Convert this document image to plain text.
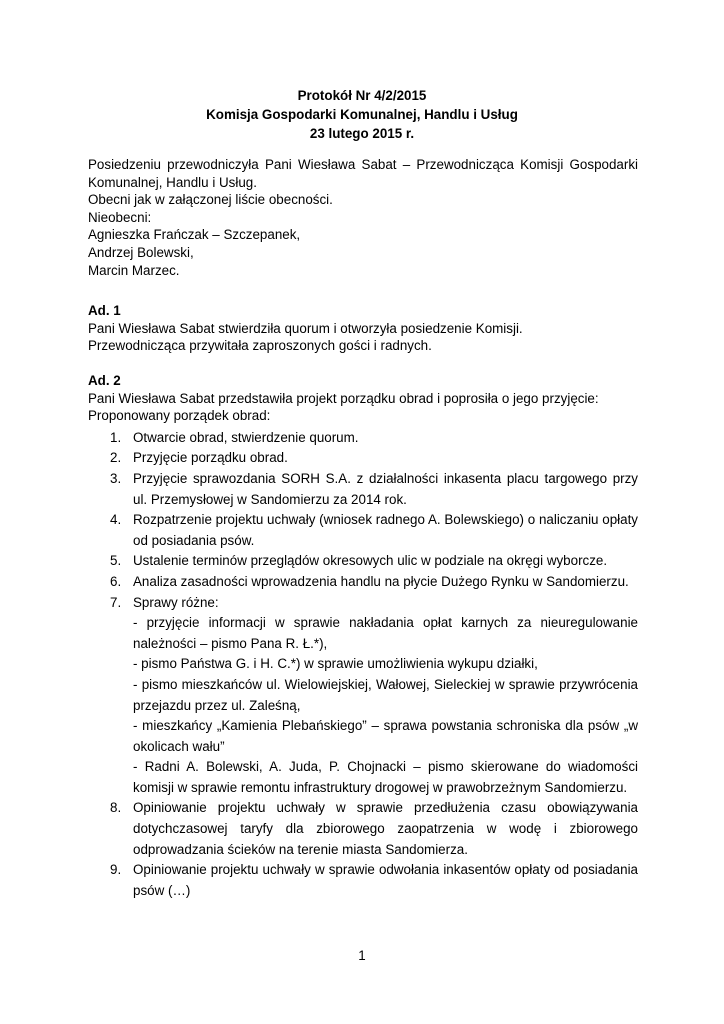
Protokół Nr 4/2/2015
Komisja Gospodarki Komunalnej, Handlu i Usług
23 lutego 2015 r.
Posiedzeniu przewodniczyła Pani Wiesława Sabat – Przewodnicząca Komisji Gospodarki Komunalnej, Handlu i Usług.
Obecni jak w załączonej liście obecności.
Nieobecni:
Agnieszka Frańczak – Szczepanek,
Andrzej Bolewski,
Marcin Marzec.
Ad. 1
Pani Wiesława Sabat stwierdziła quorum i otworzyła posiedzenie Komisji.
Przewodnicząca przywitała zaproszonych gości i radnych.
Ad. 2
Pani Wiesława Sabat przedstawiła projekt porządku obrad i poprosiła o jego przyjęcie:
Proponowany porządek obrad:
1. Otwarcie obrad, stwierdzenie quorum.
2. Przyjęcie porządku obrad.
3. Przyjęcie sprawozdania SORH S.A. z działalności inkasenta placu targowego przy ul. Przemysłowej w Sandomierzu za 2014 rok.
4. Rozpatrzenie projektu uchwały (wniosek radnego A. Bolewskiego) o naliczaniu opłaty od posiadania psów.
5. Ustalenie terminów przeglądów okresowych ulic w podziale na okręgi wyborcze.
6. Analiza zasadności wprowadzenia handlu na płycie Dużego Rynku w Sandomierzu.
7. Sprawy różne:
- przyjęcie informacji w sprawie nakładania opłat karnych za nieuregulowanie należności – pismo Pana R. Ł.*),
- pismo Państwa G. i H. C.*) w sprawie umożliwienia wykupu działki,
- pismo mieszkańców ul. Wielowiejskiej, Wałowej, Sieleckiej w sprawie przywrócenia przejazdu przez ul. Zaleśną,
- mieszkańcy „Kamienia Plebańskiego” – sprawa powstania schroniska dla psów „w okolicach wału”
- Radni A. Bolewski, A. Juda, P. Chojnacki – pismo skierowane do wiadomości komisji w sprawie remontu infrastruktury drogowej w prawobrzeżnym Sandomierzu.
8. Opiniowanie projektu uchwały w sprawie przedłużenia czasu obowiązywania dotychczasowej taryfy dla zbiorowego zaopatrzenia w wodę i zbiorowego odprowadzania ścieków na terenie miasta Sandomierza.
9. Opiniowanie projektu uchwały w sprawie odwołania inkasentów opłaty od posiadania psów (…)
1
